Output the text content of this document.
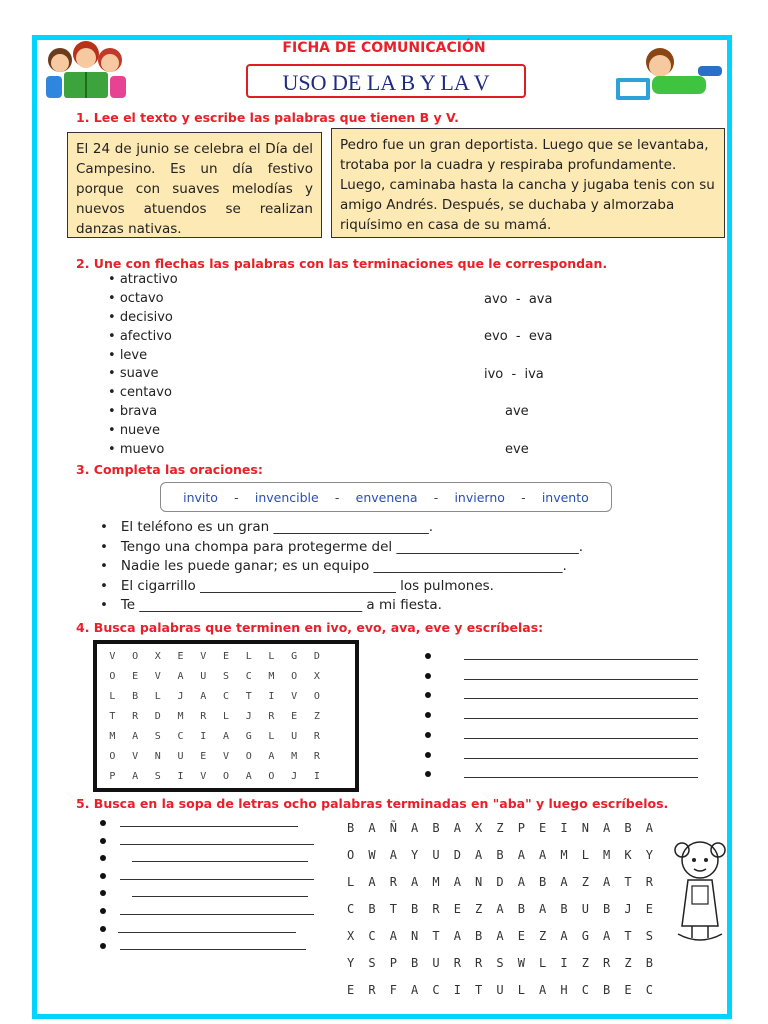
FICHA DE COMUNICACIÓN
USO DE LA B Y LA V
1. Lee el texto y escribe las palabras que tienen B y V.
El 24 de junio se celebra el Día del Campesino. Es un día festivo porque con suaves melodías y nuevos atuendos se realizan danzas nativas.
Pedro fue un gran deportista. Luego que se levantaba, trotaba por la cuadra y respiraba profundamente. Luego, caminaba hasta la cancha y jugaba tenis con su amigo Andrés. Después, se duchaba y almorzaba riquísimo en casa de su mamá.
2. Une con flechas las palabras con las terminaciones que le correspondan.
• atractivo
• octavo
• decisivo
• afectivo
• leve
• suave
• centavo
• brava
• nueve
• muevo
avo  -  ava
evo  -  eva
ivo  -  iva
ave
eve
3. Completa las oraciones:
invito - invencible - envenena - invierno - invento
•   El teléfono es un gran _______________________.
•   Tengo una chompa para protegerme del ___________________________.
•   Nadie les puede ganar; es un equipo ____________________________.
•   El cigarrillo _____________________________ los pulmones.
•   Te _________________________________ a mi fiesta.
4. Busca palabras que terminen en ivo, evo, ava, eve y escríbelas:
V	O	X	E	V	E	L	L	G	D
O	E	V	A	U	S	C	M	O	X
L	B	L	J	A	C	T	I	V	O
T	R	D	M	R	L	J	R	E	Z
M	A	S	C	I	A	G	L	U	R
O	V	N	U	E	V	O	A	M	R
P	A	S	I	V	O	A	O	J	I
5. Busca en la sopa de letras ocho palabras terminadas en "aba" y luego escríbelos.
B	A	Ñ	A	B	A	X	Z	P	E	I	N	A	B	A
O	W	A	Y	U	D	A	B	A	A	M	L	M	K	Y
L	A	R	A	M	A	N	D	A	B	A	Z	A	T	R
C	B	T	B	R	E	Z	A	B	A	B	U	B	J	E
X	C	A	N	T	A	B	A	E	Z	A	G	A	T	S
Y	S	P	B	U	R	R	S	W	L	I	Z	R	Z	B
E	R	F	A	C	I	T	U	L	A	H	C	B	E	C
